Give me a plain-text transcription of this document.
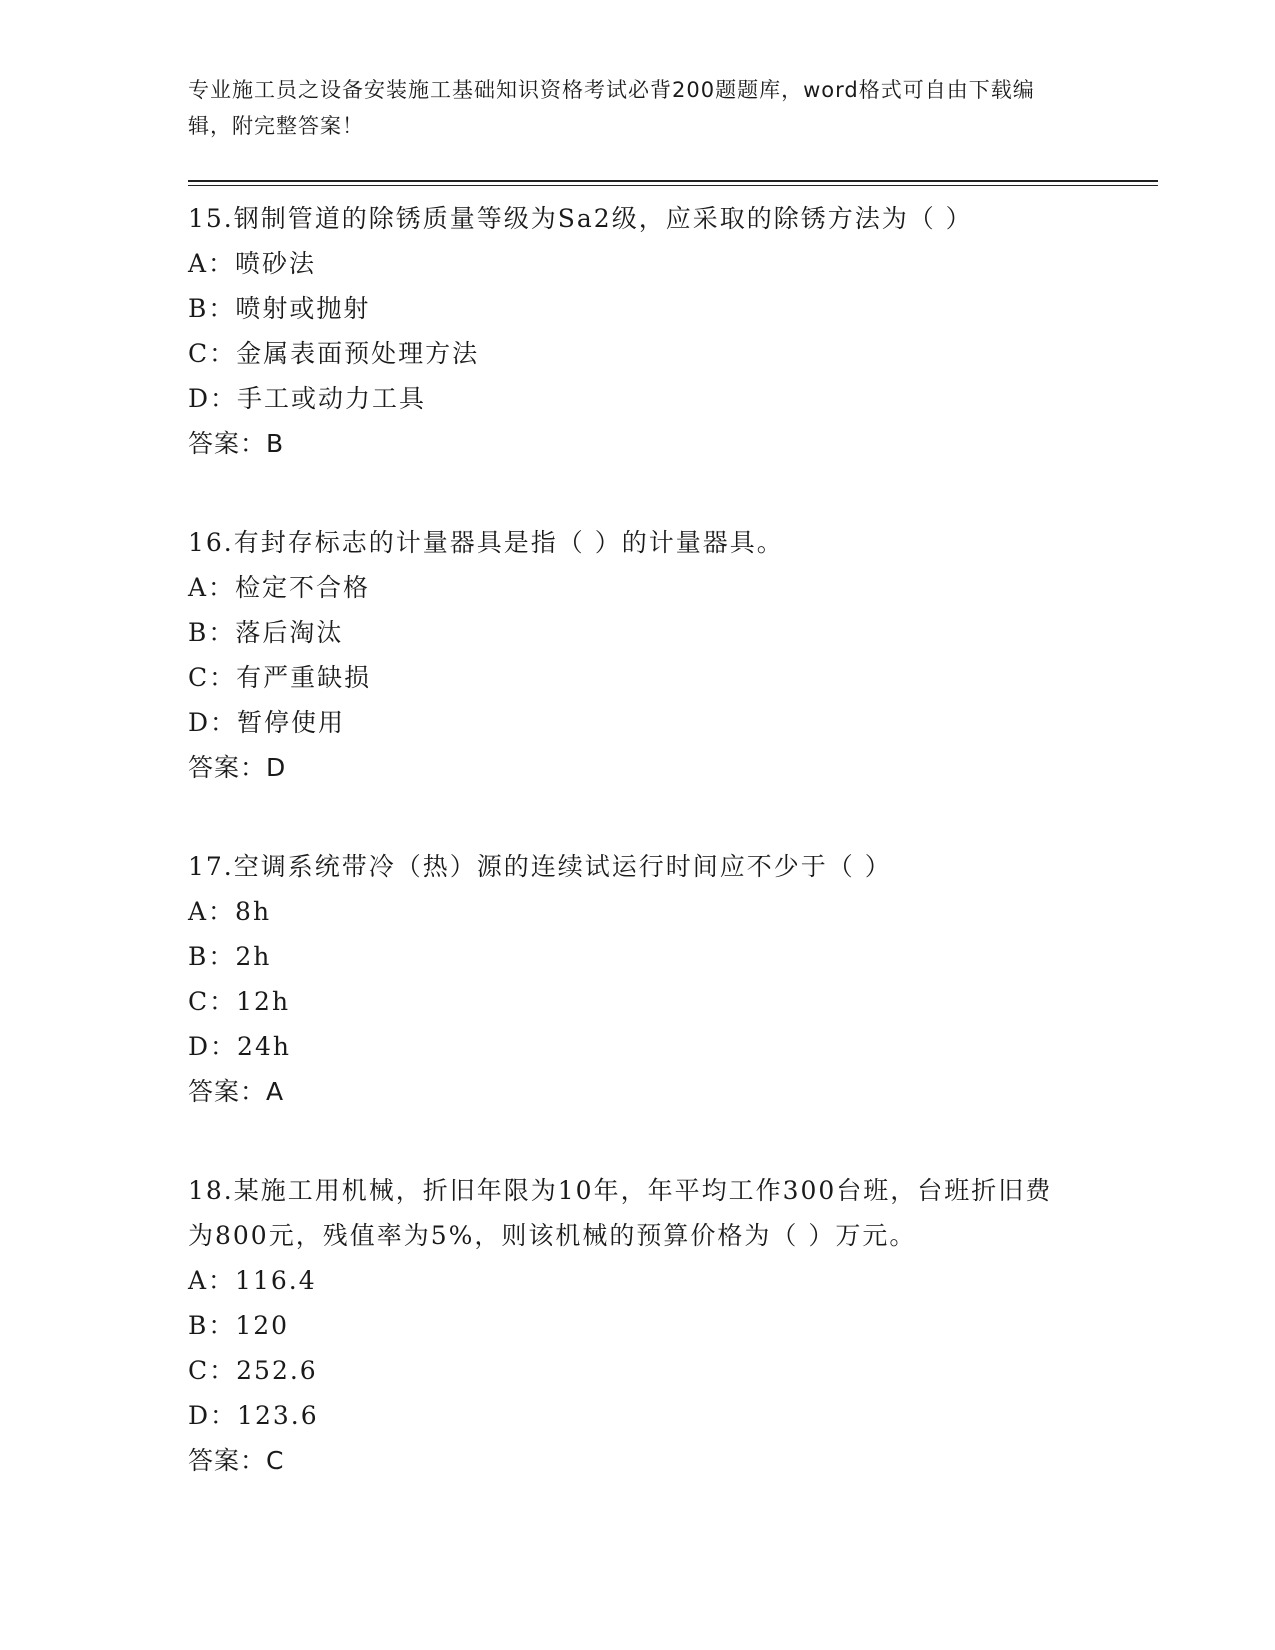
专业施工员之设备安装施工基础知识资格考试必背200题题库，word格式可自由下载编辑，附完整答案！

15.钢制管道的除锈质量等级为Sa2级，应采取的除锈方法为（ ）

A：喷砂法

B：喷射或抛射

C：金属表面预处理方法

D：手工或动力工具

答案：B

16.有封存标志的计量器具是指（ ）的计量器具。

A：检定不合格

B：落后淘汰

C：有严重缺损

D：暂停使用

答案：D

17.空调系统带冷（热）源的连续试运行时间应不少于（ ）

A：8h

B：2h

C：12h

D：24h

答案：A

18.某施工用机械，折旧年限为10年，年平均工作300台班，台班折旧费为800元，残值率为5%，则该机械的预算价格为（ ）万元。

A：116.4

B：120

C：252.6

D：123.6

答案：C
